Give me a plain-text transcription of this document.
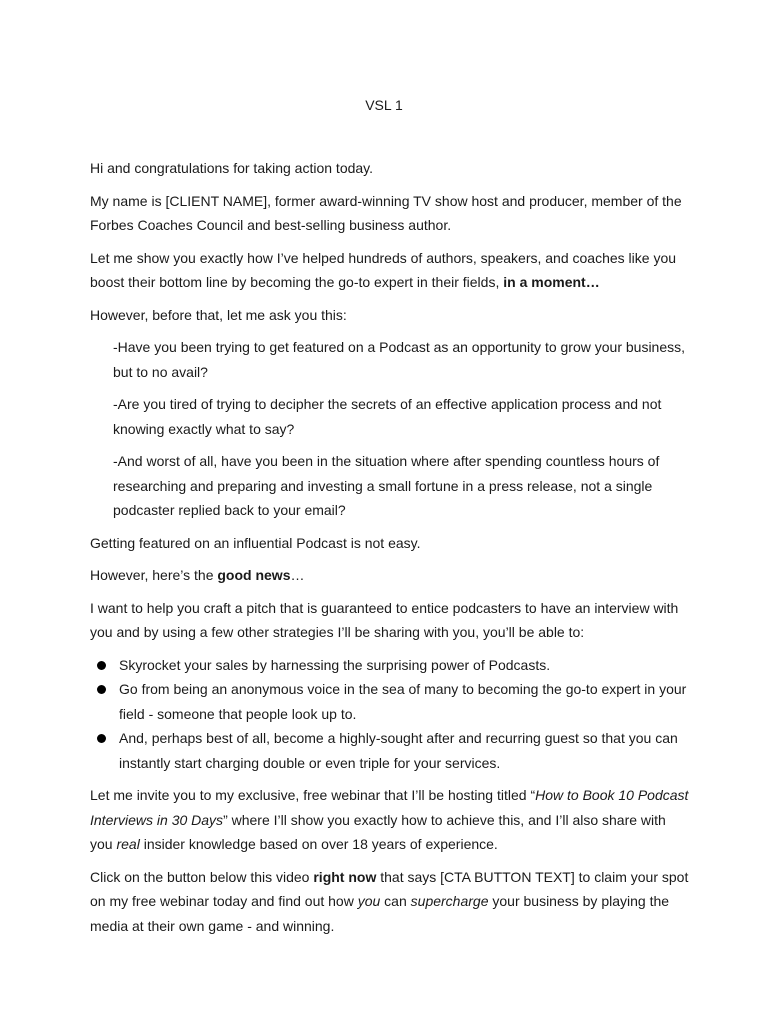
VSL 1

Hi and congratulations for taking action today.

My name is [CLIENT NAME], former award-winning TV show host and producer, member of the Forbes Coaches Council and best-selling business author.

Let me show you exactly how I’ve helped hundreds of authors, speakers, and coaches like you boost their bottom line by becoming the go-to expert in their fields, in a moment…

However, before that, let me ask you this:

-Have you been trying to get featured on a Podcast as an opportunity to grow your business, but to no avail?

-Are you tired of trying to decipher the secrets of an effective application process and not knowing exactly what to say?

-And worst of all, have you been in the situation where after spending countless hours of researching and preparing and investing a small fortune in a press release, not a single podcaster replied back to your email?

Getting featured on an influential Podcast is not easy.

However, here’s the good news…

I want to help you craft a pitch that is guaranteed to entice podcasters to have an interview with you and by using a few other strategies I’ll be sharing with you, you’ll be able to:

Skyrocket your sales by harnessing the surprising power of Podcasts.
Go from being an anonymous voice in the sea of many to becoming the go-to expert in your field - someone that people look up to.
And, perhaps best of all, become a highly-sought after and recurring guest so that you can instantly start charging double or even triple for your services.

Let me invite you to my exclusive, free webinar that I’ll be hosting titled “How to Book 10 Podcast Interviews in 30 Days” where I’ll show you exactly how to achieve this, and I’ll also share with you real insider knowledge based on over 18 years of experience.

Click on the button below this video right now that says [CTA BUTTON TEXT] to claim your spot on my free webinar today and find out how you can supercharge your business by playing the media at their own game - and winning.
